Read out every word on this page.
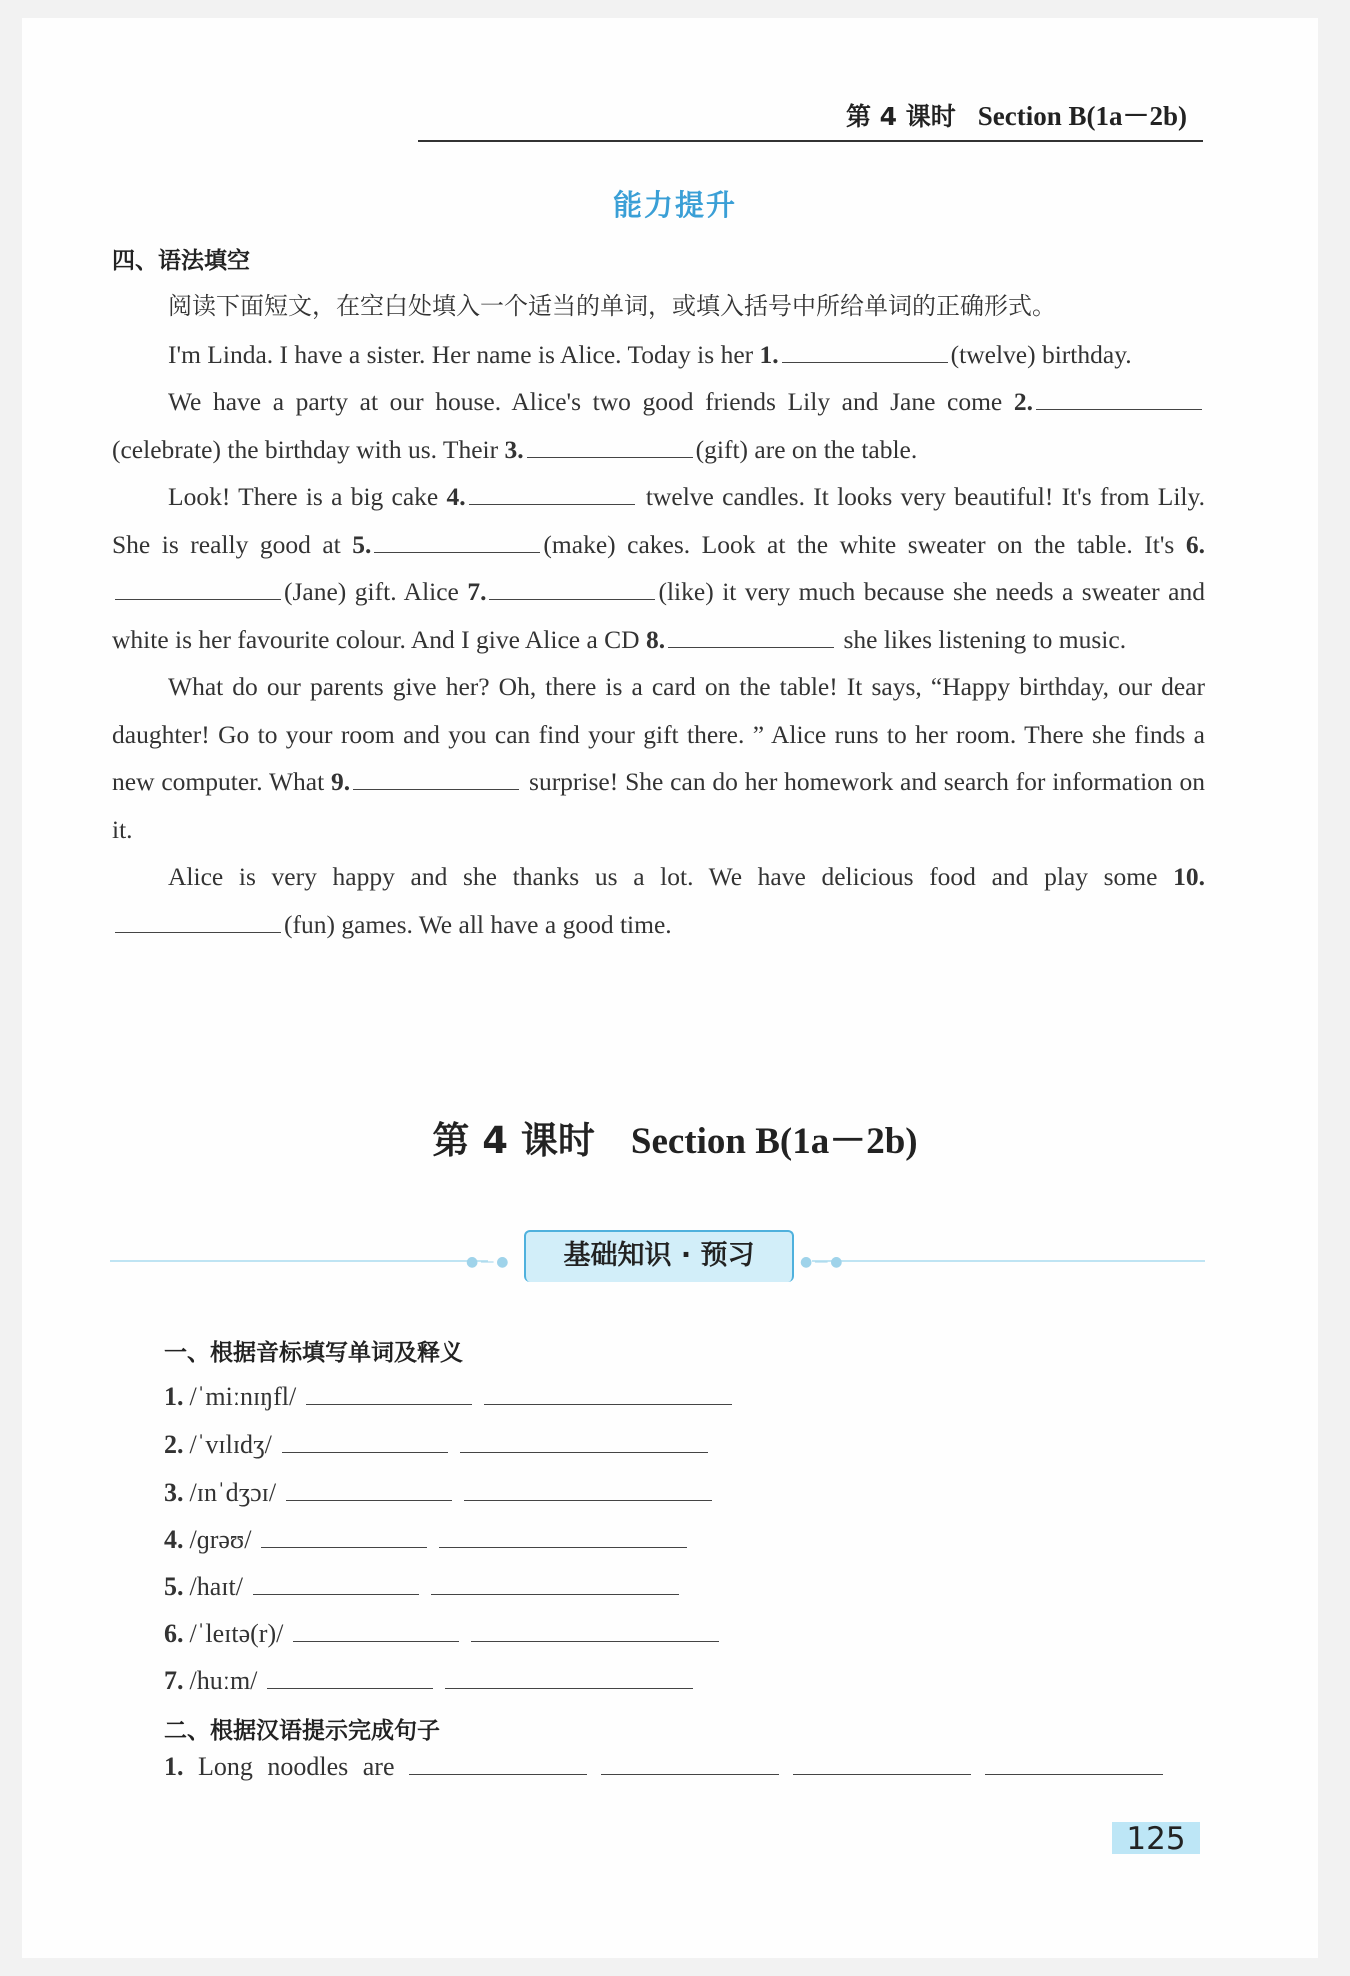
第 4 课时 Section B(1a－2b)
能力提升
四、语法填空

阅读下面短文，在空白处填入一个适当的单词，或填入括号中所给单词的正确形式。

I'm Linda. I have a sister. Her name is Alice. Today is her 1.	(twelve) birthday.

We have a party at our house. Alice's two good friends Lily and Jane come 2.(celebrate) the birthday with us. Their 3.	(gift) are on the table.

Look! There is a big cake 4.	twelve candles. It looks very beautiful! It's from Lily. She is really good at 5.	(make) cakes. Look at the white sweater on the table. It's 6.(Jane) gift. Alice 7.	(like) it very much because she needs a sweater and white is her favourite colour. And I give Alice a CD 8.	she likes listening to music.

What do our parents give her? Oh, there is a card on the table! It says, “Happy birthday, our dear daughter! Go to your room and you can find your gift there. ” Alice runs to her room. There she finds a new computer. What 9.	surprise! She can do her homework and search for information on it.

Alice is very happy and she thanks us a lot. We have delicious food and play some 10.(fun) games. We all have a good time.

第 4 课时 Section B(1a－2b)
●—●	●—●
基础知识 · 预习
一、根据音标填写单词及释义
1. /ˈmiːnɪŋfl/
2. /ˈvɪlɪdʒ/
3. /ɪnˈdʒɔɪ/
4. /ɡrəʊ/
5. /haɪt/
6. /ˈleɪtə(r)/
7. /huːm/
二、根据汉语提示完成句子
1. Long noodles are
125
